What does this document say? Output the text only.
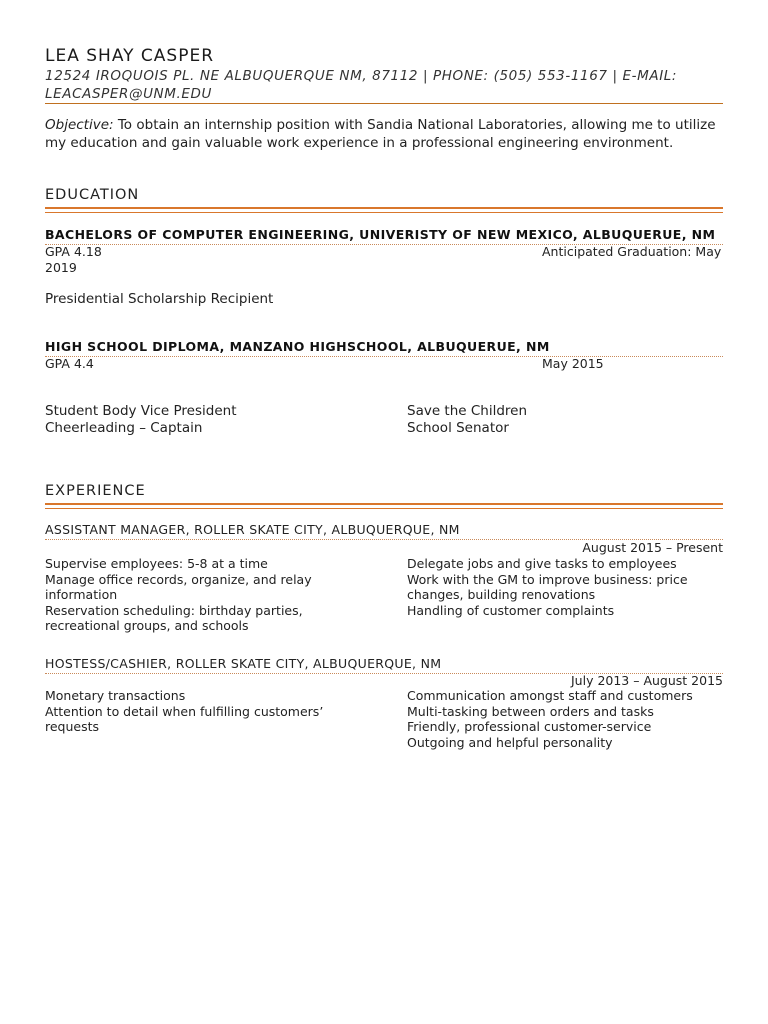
LEA SHAY CASPER
12524 IROQUOIS PL. NE ALBUQUERQUE NM, 87112 | PHONE: (505) 553-1167 | E-MAIL:
LEACASPER@UNM.EDU
Objective: To obtain an internship position with Sandia National Laboratories, allowing me to utilize my education and gain valuable work experience in a professional engineering environment.
EDUCATION
BACHELORS OF COMPUTER ENGINEERING, UNIVERISTY OF NEW MEXICO, ALBUQUERUE, NM
GPA 4.18
2019
Anticipated Graduation: May
Presidential Scholarship Recipient
HIGH SCHOOL DIPLOMA, MANZANO HIGHSCHOOL, ALBUQUERUE, NM
GPA 4.4	May 2015
Student Body Vice President
Cheerleading – Captain
Save the Children
School Senator
EXPERIENCE
ASSISTANT MANAGER, ROLLER SKATE CITY, ALBUQUERQUE, NM
August 2015 – Present
Supervise employees: 5-8 at a time
Manage office records, organize, and relay
information
Reservation scheduling: birthday parties,
recreational groups, and schools
Delegate jobs and give tasks to employees
Work with the GM to improve business: price
changes, building renovations
Handling of customer complaints
HOSTESS/CASHIER, ROLLER SKATE CITY, ALBUQUERQUE, NM
July 2013 – August 2015
Monetary transactions
Attention to detail when fulfilling customers’
requests
Communication amongst staff and customers
Multi-tasking between orders and tasks
Friendly, professional customer-service
Outgoing and helpful personality
